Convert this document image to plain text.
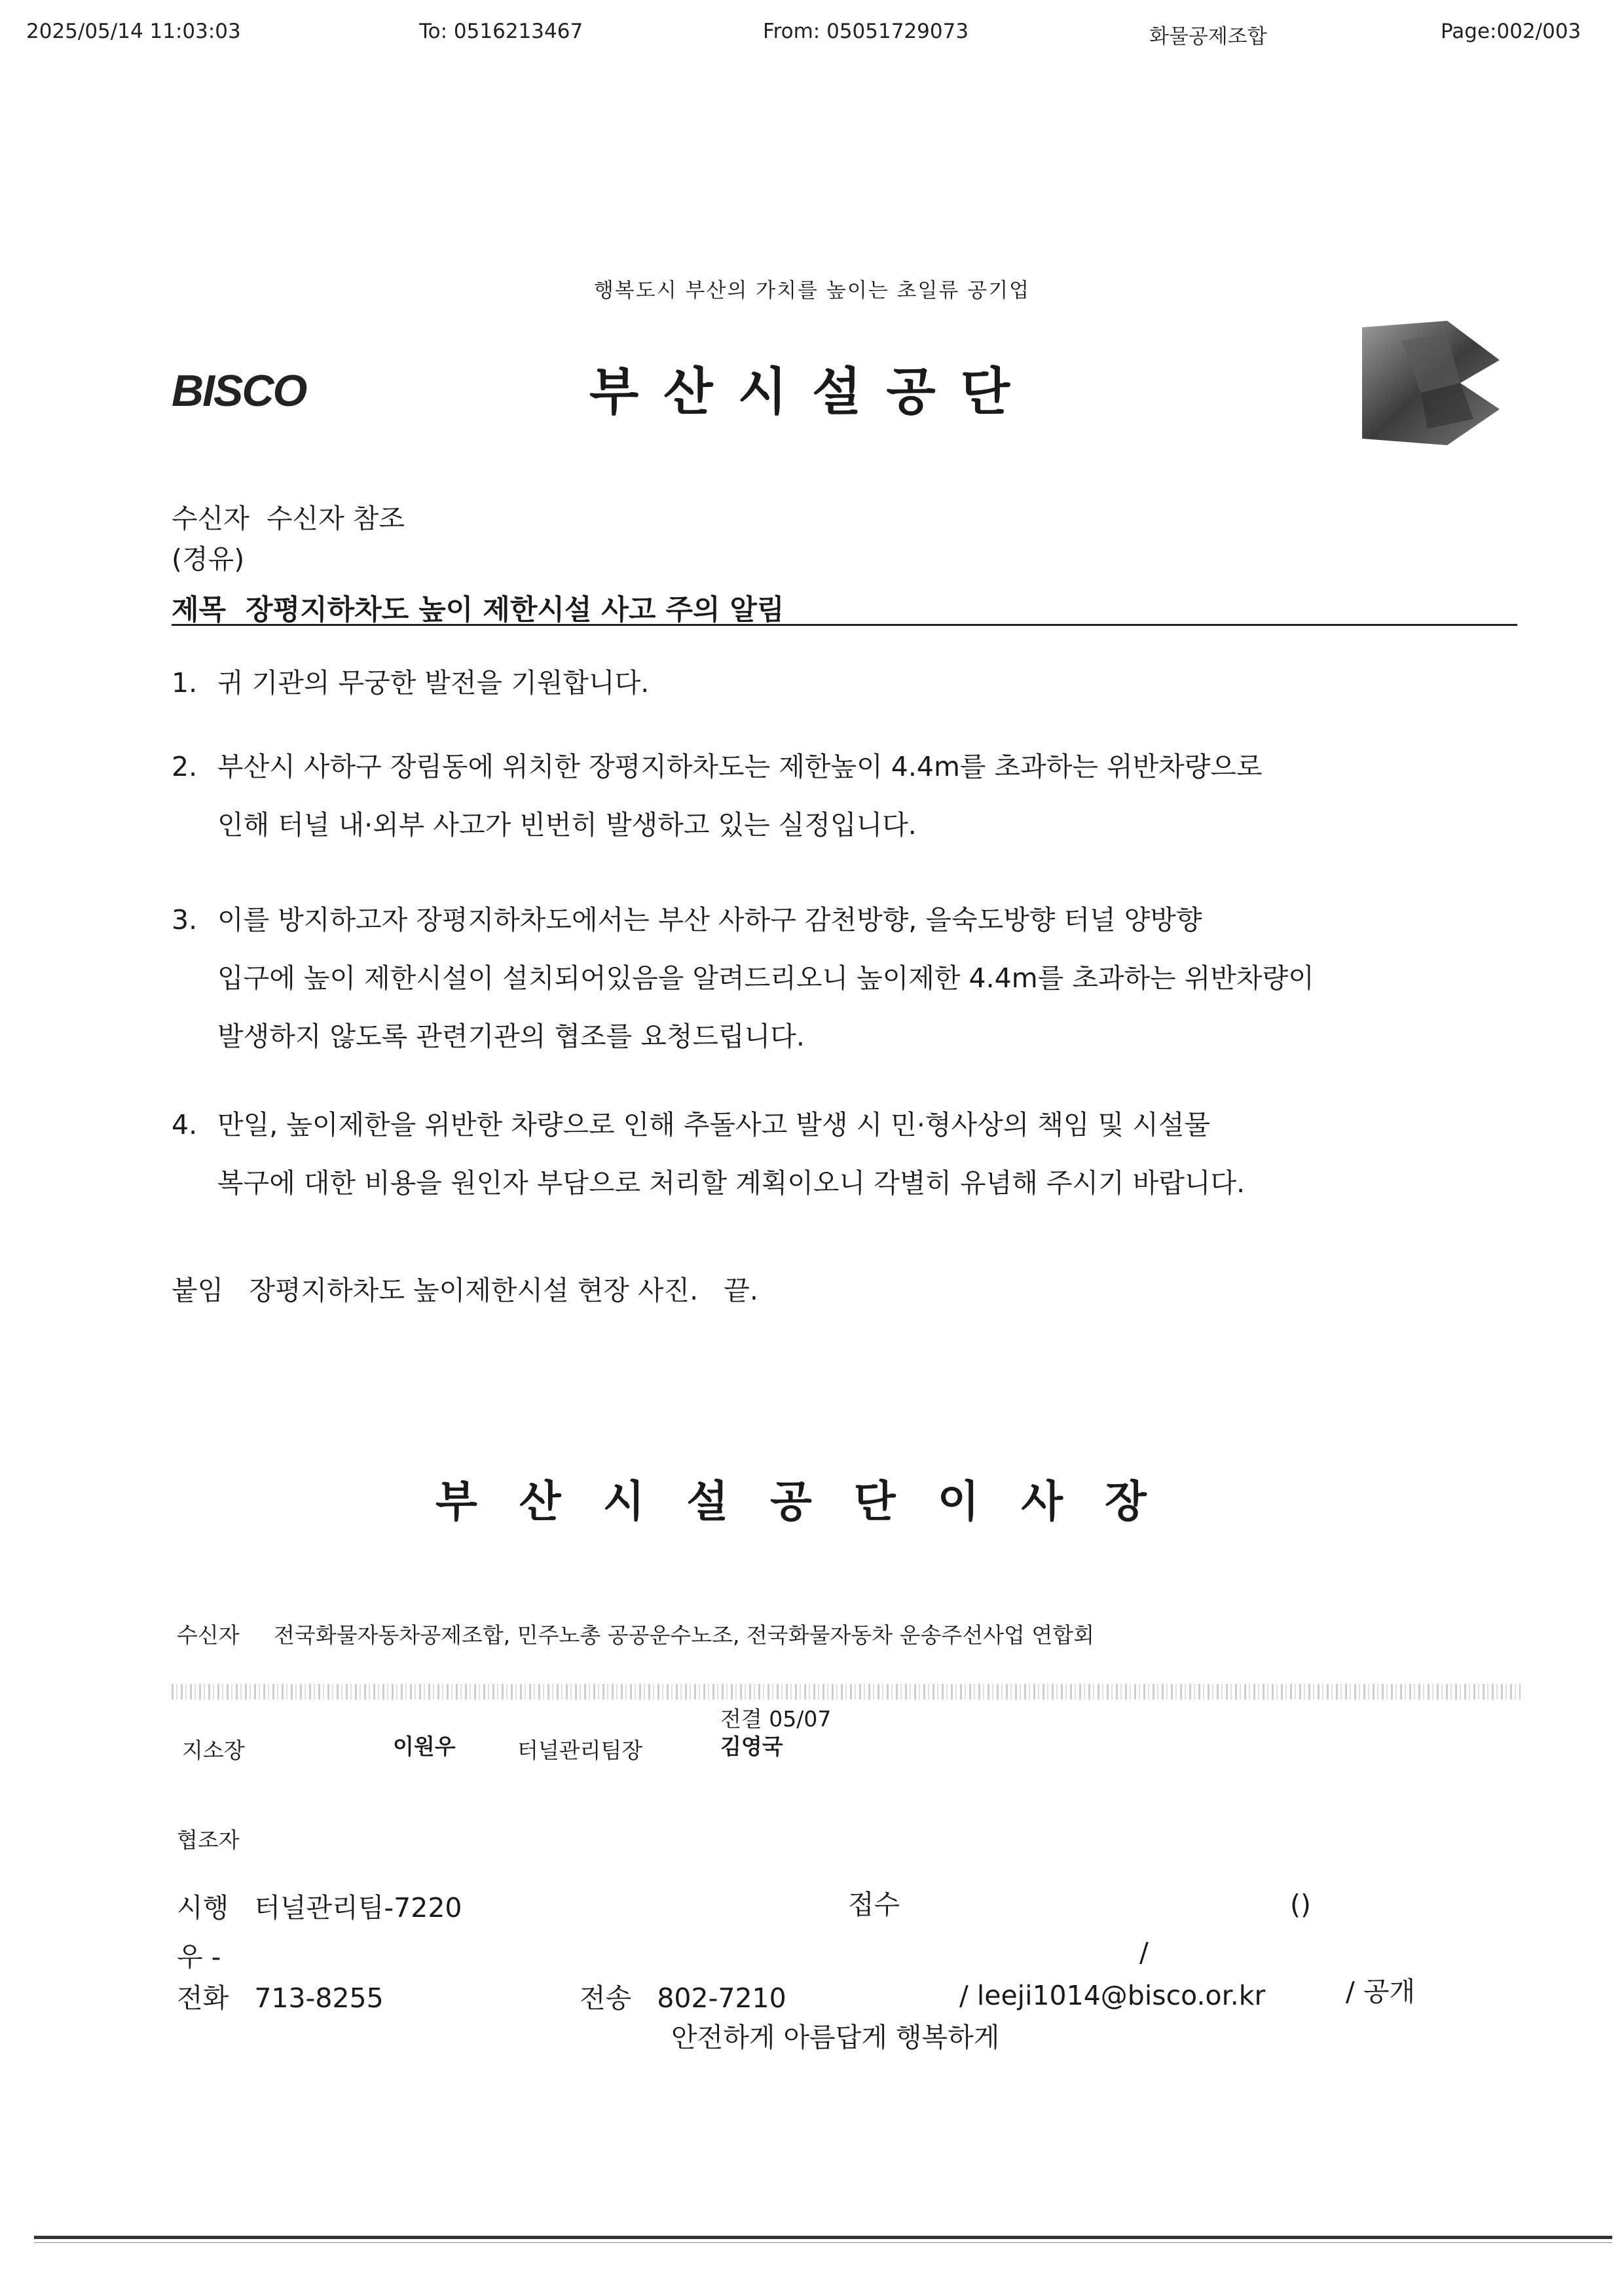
2025/05/14 11:03:03	To: 0516213467	From: 05051729073	화물공제조합	Page:002/003
행복도시 부산의 가치를 높이는 초일류 공기업
BISCO	부산시설공단
수신자 수신자 참조
(경유)
제목 장평지하차도 높이 제한시설 사고 주의 알림
1. 귀 기관의 무궁한 발전을 기원합니다.
2. 부산시 사하구 장림동에 위치한 장평지하차도는 제한높이 4.4m를 초과하는 위반차량으로
인해 터널 내·외부 사고가 빈번히 발생하고 있는 실정입니다.
3. 이를 방지하고자 장평지하차도에서는 부산 사하구 감천방향, 을숙도방향 터널 양방향
입구에 높이 제한시설이 설치되어있음을 알려드리오니 높이제한 4.4m를 초과하는 위반차량이
발생하지 않도록 관련기관의 협조를 요청드립니다.
4. 만일, 높이제한을 위반한 차량으로 인해 추돌사고 발생 시 민·형사상의 책임 및 시설물
복구에 대한 비용을 원인자 부담으로 처리할 계획이오니 각별히 유념해 주시기 바랍니다.
붙임 장평지하차도 높이제한시설 현장 사진. 끝.
부산시설공단이사장
수신자 전국화물자동차공제조합, 민주노총 공공운수노조, 전국화물자동차 운송주선사업 연합회
전결 05/07
지소장	이원우	터널관리팀장	김영국
협조자
시행 터널관리팀-7220	접수	()
우 -	/
전화 713-8255	전송 802-7210	/ leeji1014@bisco.or.kr	/ 공개
안전하게 아름답게 행복하게
